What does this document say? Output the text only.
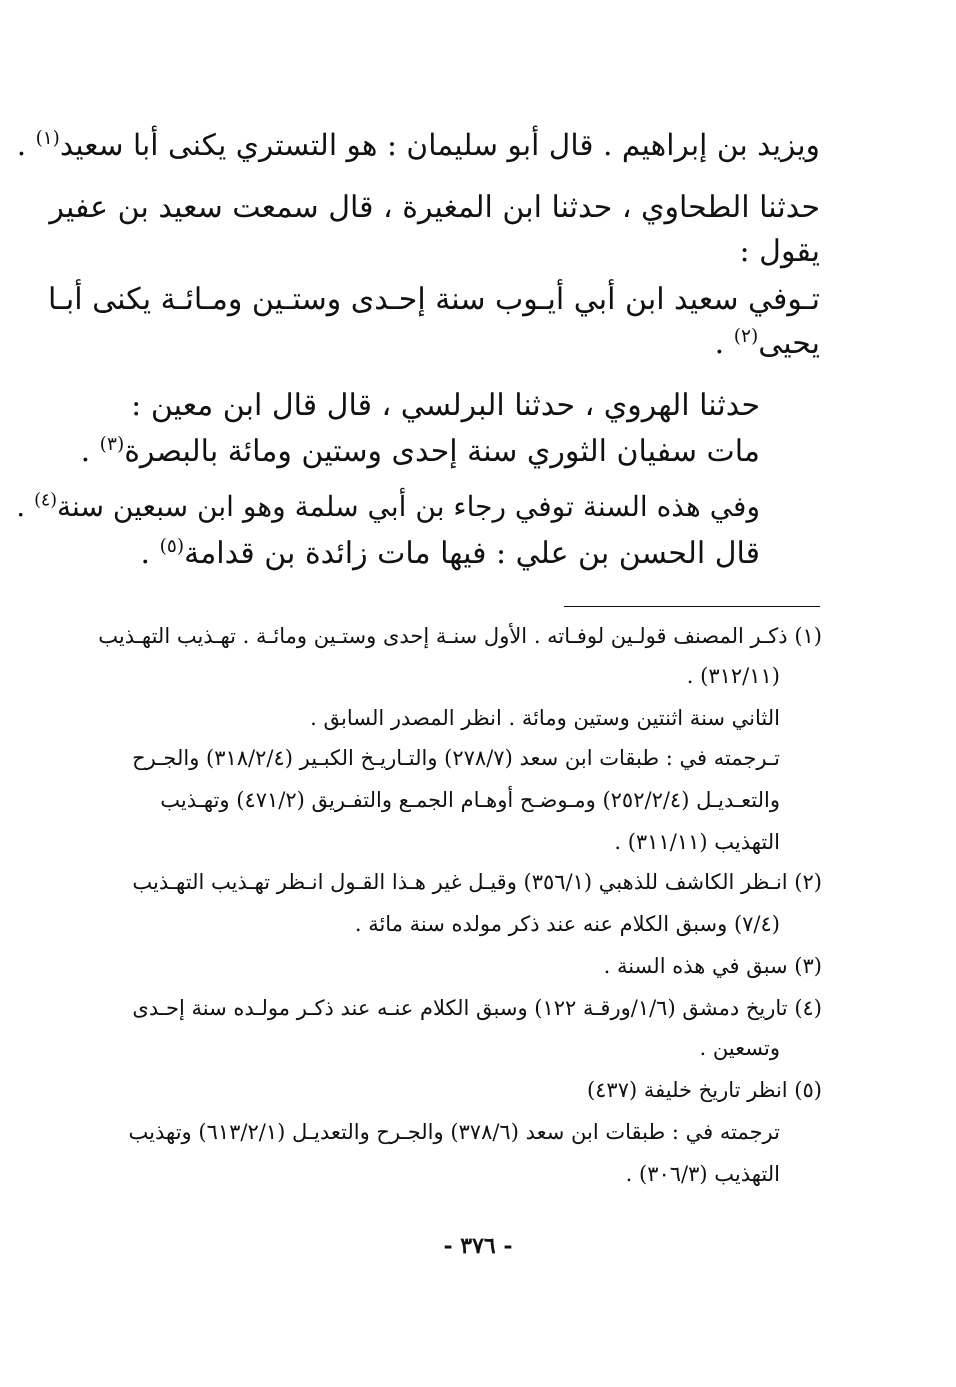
ويزيد بن إبراهيم . قال أبو سليمان : هو التستري يكنى أبا سعيد$^{(١)}$ .
حدثنا الطحاوي ، حدثنا ابن المغيرة ، قال سمعت سعيد بن عفير
يقول :
تـوفي سعيد ابن أبي أيـوب سنة إحـدى وستـين ومـائـة يكنى أبـا
يحيى$^{(٢)}$ .
حدثنا الهروي ، حدثنا البرلسي ، قال قال ابن معين :
مات سفيان الثوري سنة إحدى وستين ومائة بالبصرة$^{(٣)}$ .
وفي هذه السنة توفي رجاء بن أبي سلمة وهو ابن سبعين سنة$^{(٤)}$ .
قال الحسن بن علي : فيها مات زائدة بن قدامة$^{(٥)}$ .
(١) ذكـر المصنف قولـين لوفـاته . الأول سنـة إحدى وستـين ومائـة . تهـذيب التهـذيب
(٣١٢/١١) .
الثاني سنة اثنتين وستين ومائة . انظر المصدر السابق .
تـرجمته في : طبقات ابن سعد (٢٧٨/٧) والتـاريـخ الكبـير (٣١٨/٢/٤) والجـرح
والتعـديـل (٢٥٢/٢/٤) ومـوضـح أوهـام الجمـع والتفـريق (٤٧١/٢) وتهـذيب
التهذيب (٣١١/١١) .
(٢) انـظر الكاشف للذهبي (٣٥٦/١) وقيـل غير هـذا القـول انـظر تهـذيب التهـذيب
(٧/٤) وسبق الكلام عنه عند ذكر مولده سنة مائة .
(٣) سبق في هذه السنة .
(٤) تاريخ دمشق (١/٦/ورقـة ١٢٢) وسبق الكلام عنـه عند ذكـر مولـده سنة إحـدى
وتسعين .
(٥) انظر تاريخ خليفة (٤٣٧)
ترجمته في : طبقات ابن سعد (٣٧٨/٦) والجـرح والتعديـل (٦١٣/٢/١) وتهذيب
التهذيب (٣٠٦/٣) .
- ٣٧٦ -
